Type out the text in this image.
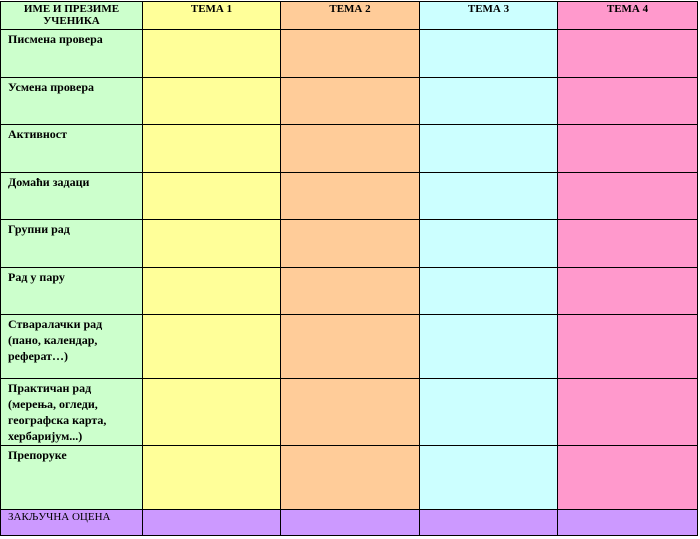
ИМЕ И ПРЕЗИМЕ УЧЕНИКА	ТЕМА 1	ТЕМА 2	ТЕМА 3	ТЕМА 4

Писмена провера				

Усмена провера				

Активност				

Домаћи задаци				

Групни рад				

Рад у пару				

Стваралачки рад
(пано, календар,
реферат…)				

Практичан рад
(мерења, огледи,
географска карта,
хербаријум...)				

Препоруке				

ЗАКЉУЧНА ОЦЕНА				
